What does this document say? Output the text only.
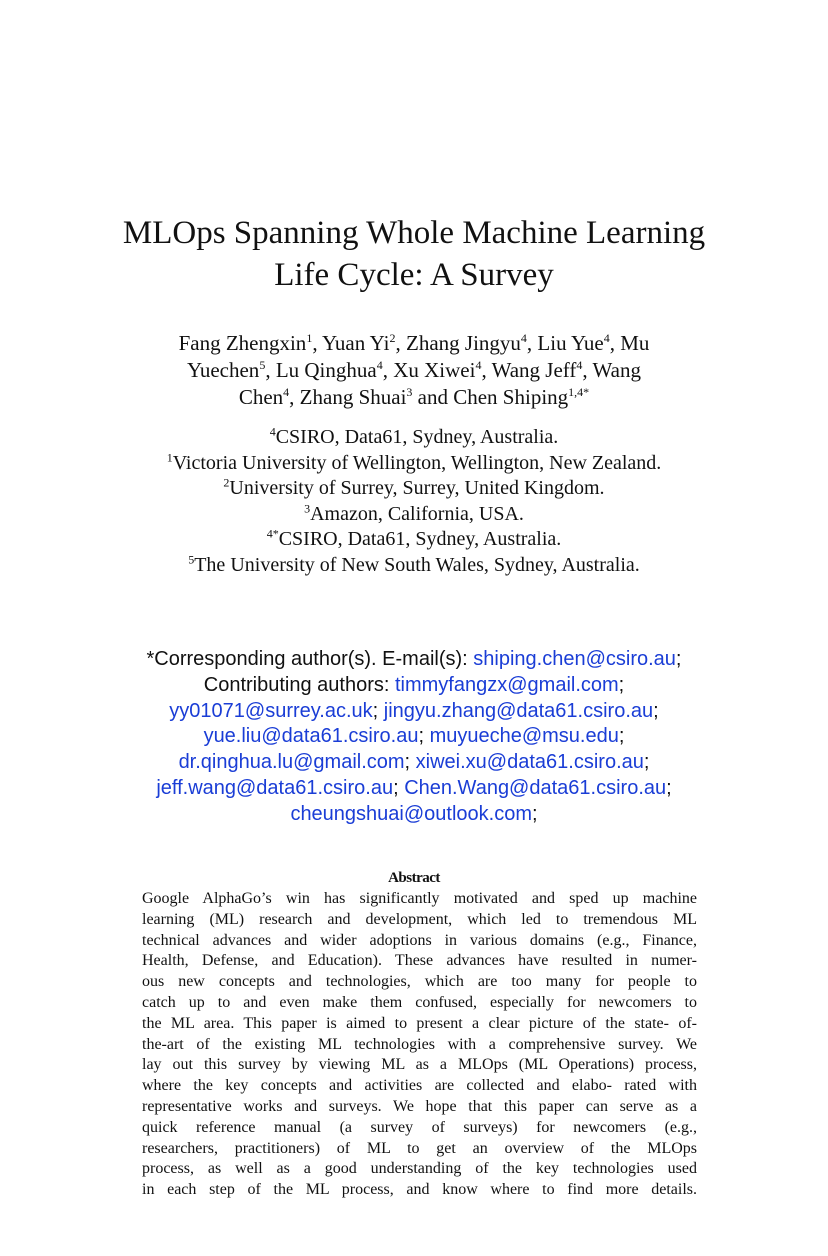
MLOps Spanning Whole Machine Learning
Life Cycle: A Survey
Fang Zhengxin$^1$, Yuan Yi$^2$, Zhang Jingyu$^4$, Liu Yue$^4$, Mu
Yuechen$^5$, Lu Qinghua$^4$, Xu Xiwei$^4$, Wang Jeff$^4$, Wang
Chen$^4$, Zhang Shuai$^3$ and Chen Shiping$^{1,4*}$
$^4$CSIRO, Data61, Sydney, Australia.
$^1$Victoria University of Wellington, Wellington, New Zealand.
$^2$University of Surrey, Surrey, United Kingdom.
$^3$Amazon, California, USA.
$^{4*}$CSIRO, Data61, Sydney, Australia.
$^5$The University of New South Wales, Sydney, Australia.
*Corresponding author(s). E-mail(s): shiping.chen@csiro.au;
Contributing authors: timmyfangzx@gmail.com;
yy01071@surrey.ac.uk; jingyu.zhang@data61.csiro.au;
yue.liu@data61.csiro.au; muyueche@msu.edu;
dr.qinghua.lu@gmail.com; xiwei.xu@data61.csiro.au;
jeff.wang@data61.csiro.au; Chen.Wang@data61.csiro.au;
cheungshuai@outlook.com;
Abstract
Google AlphaGo’s win has significantly motivated and sped up machine
learning (ML) research and development, which led to tremendous ML
technical advances and wider adoptions in various domains (e.g., Finance,
Health, Defense, and Education). These advances have resulted in numer-
ous new concepts and technologies, which are too many for people to
catch up to and even make them confused, especially for newcomers to
the ML area. This paper is aimed to present a clear picture of the state- of-
the-art of the existing ML technologies with a comprehensive survey. We
lay out this survey by viewing ML as a MLOps (ML Operations) process,
where the key concepts and activities are collected and elabo- rated with
representative works and surveys. We hope that this paper can serve as a
quick reference manual (a survey of surveys) for newcomers (e.g.,
researchers, practitioners) of ML to get an overview of the MLOps
process, as well as a good understanding of the key technologies used
in each step of the ML process, and know where to find more details.
